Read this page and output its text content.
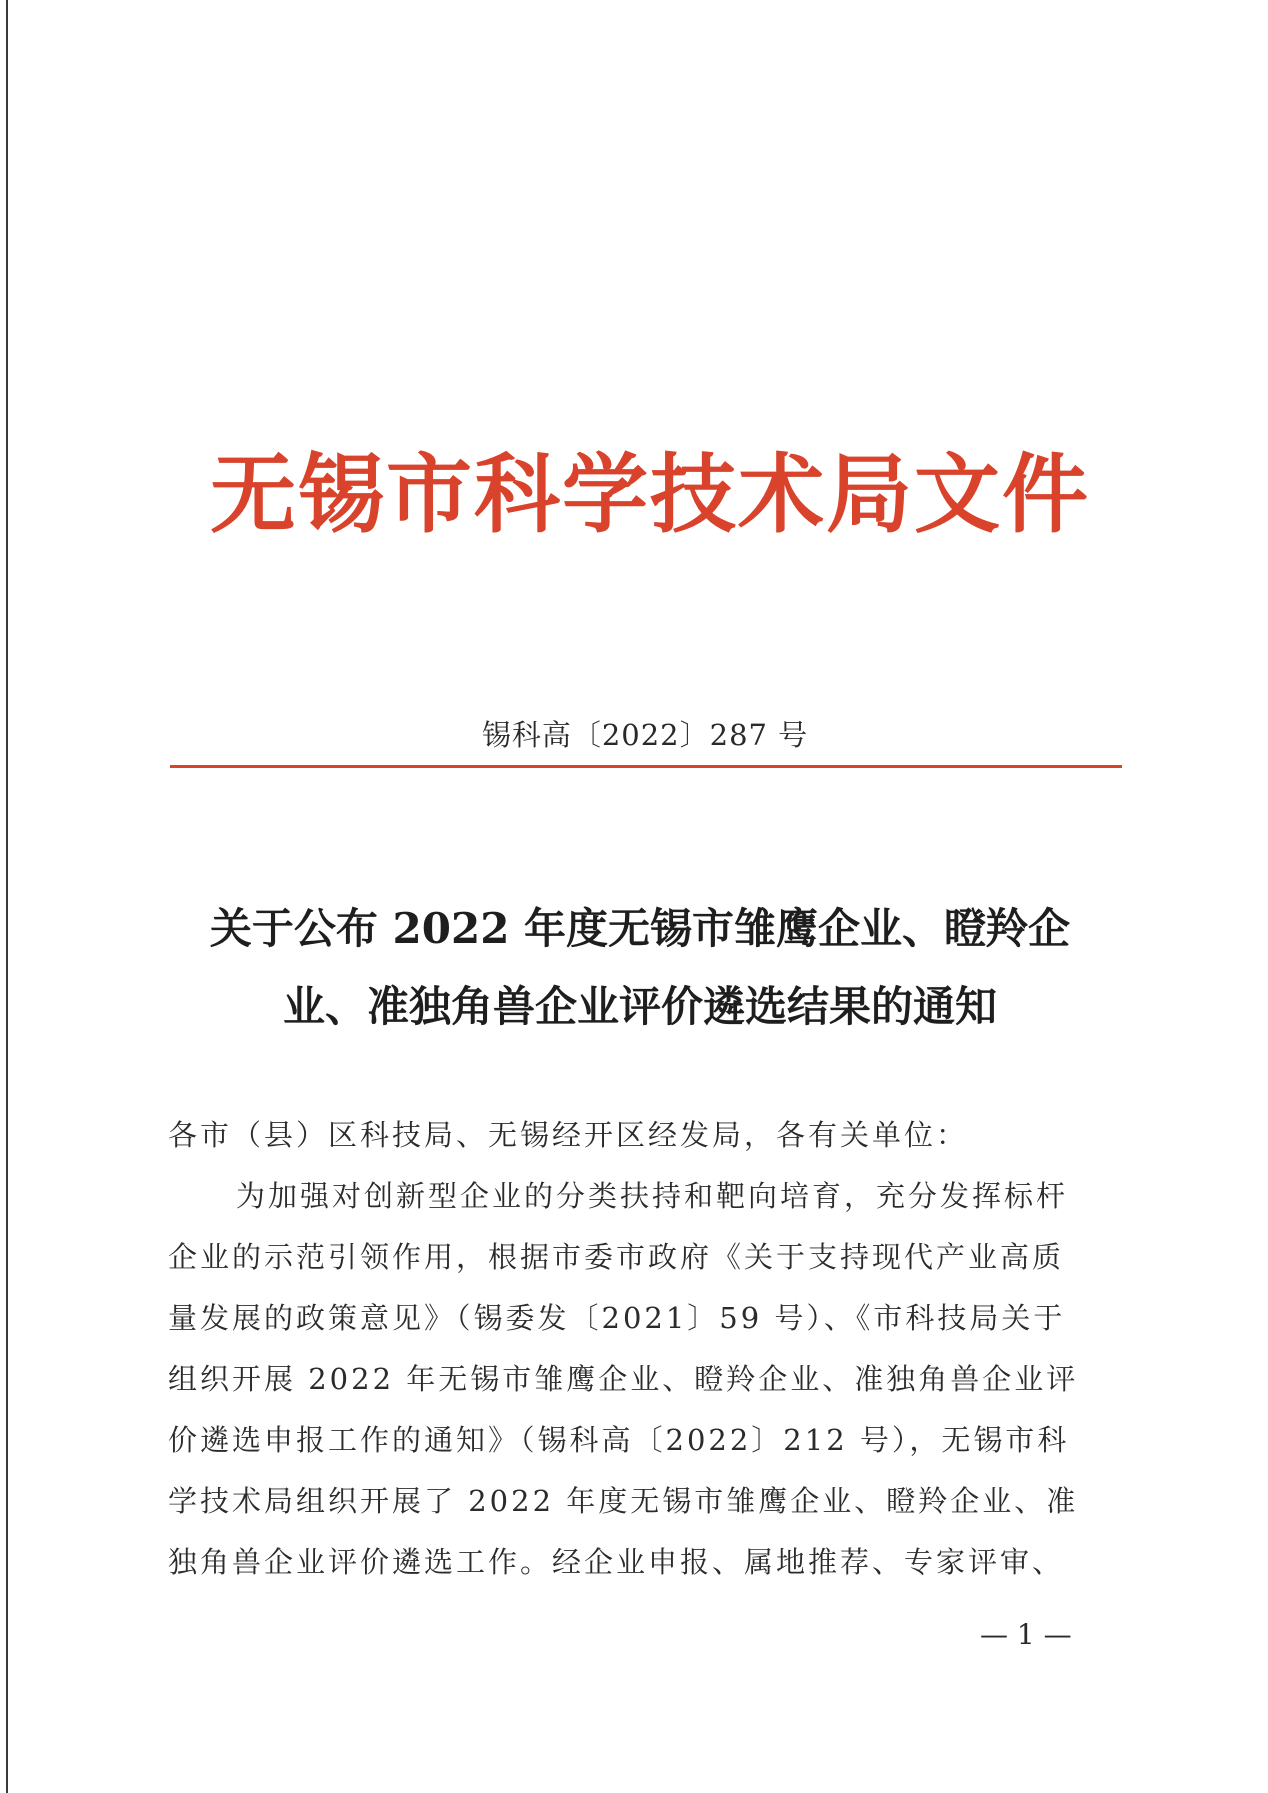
无锡市科学技术局文件
锡科高〔2022〕287 号
关于公布 2022 年度无锡市雏鹰企业、瞪羚企
业、准独角兽企业评价遴选结果的通知
各市（县）区科技局、无锡经开区经发局，各有关单位：
为加强对创新型企业的分类扶持和靶向培育，充分发挥标杆
企业的示范引领作用，根据市委市政府《关于支持现代产业高质
量发展的政策意见》（锡委发〔2021〕59 号）、《市科技局关于
组织开展 2022 年无锡市雏鹰企业、瞪羚企业、准独角兽企业评
价遴选申报工作的通知》（锡科高〔2022〕212 号），无锡市科
学技术局组织开展了 2022 年度无锡市雏鹰企业、瞪羚企业、准
独角兽企业评价遴选工作。经企业申报、属地推荐、专家评审、
— 1 —
